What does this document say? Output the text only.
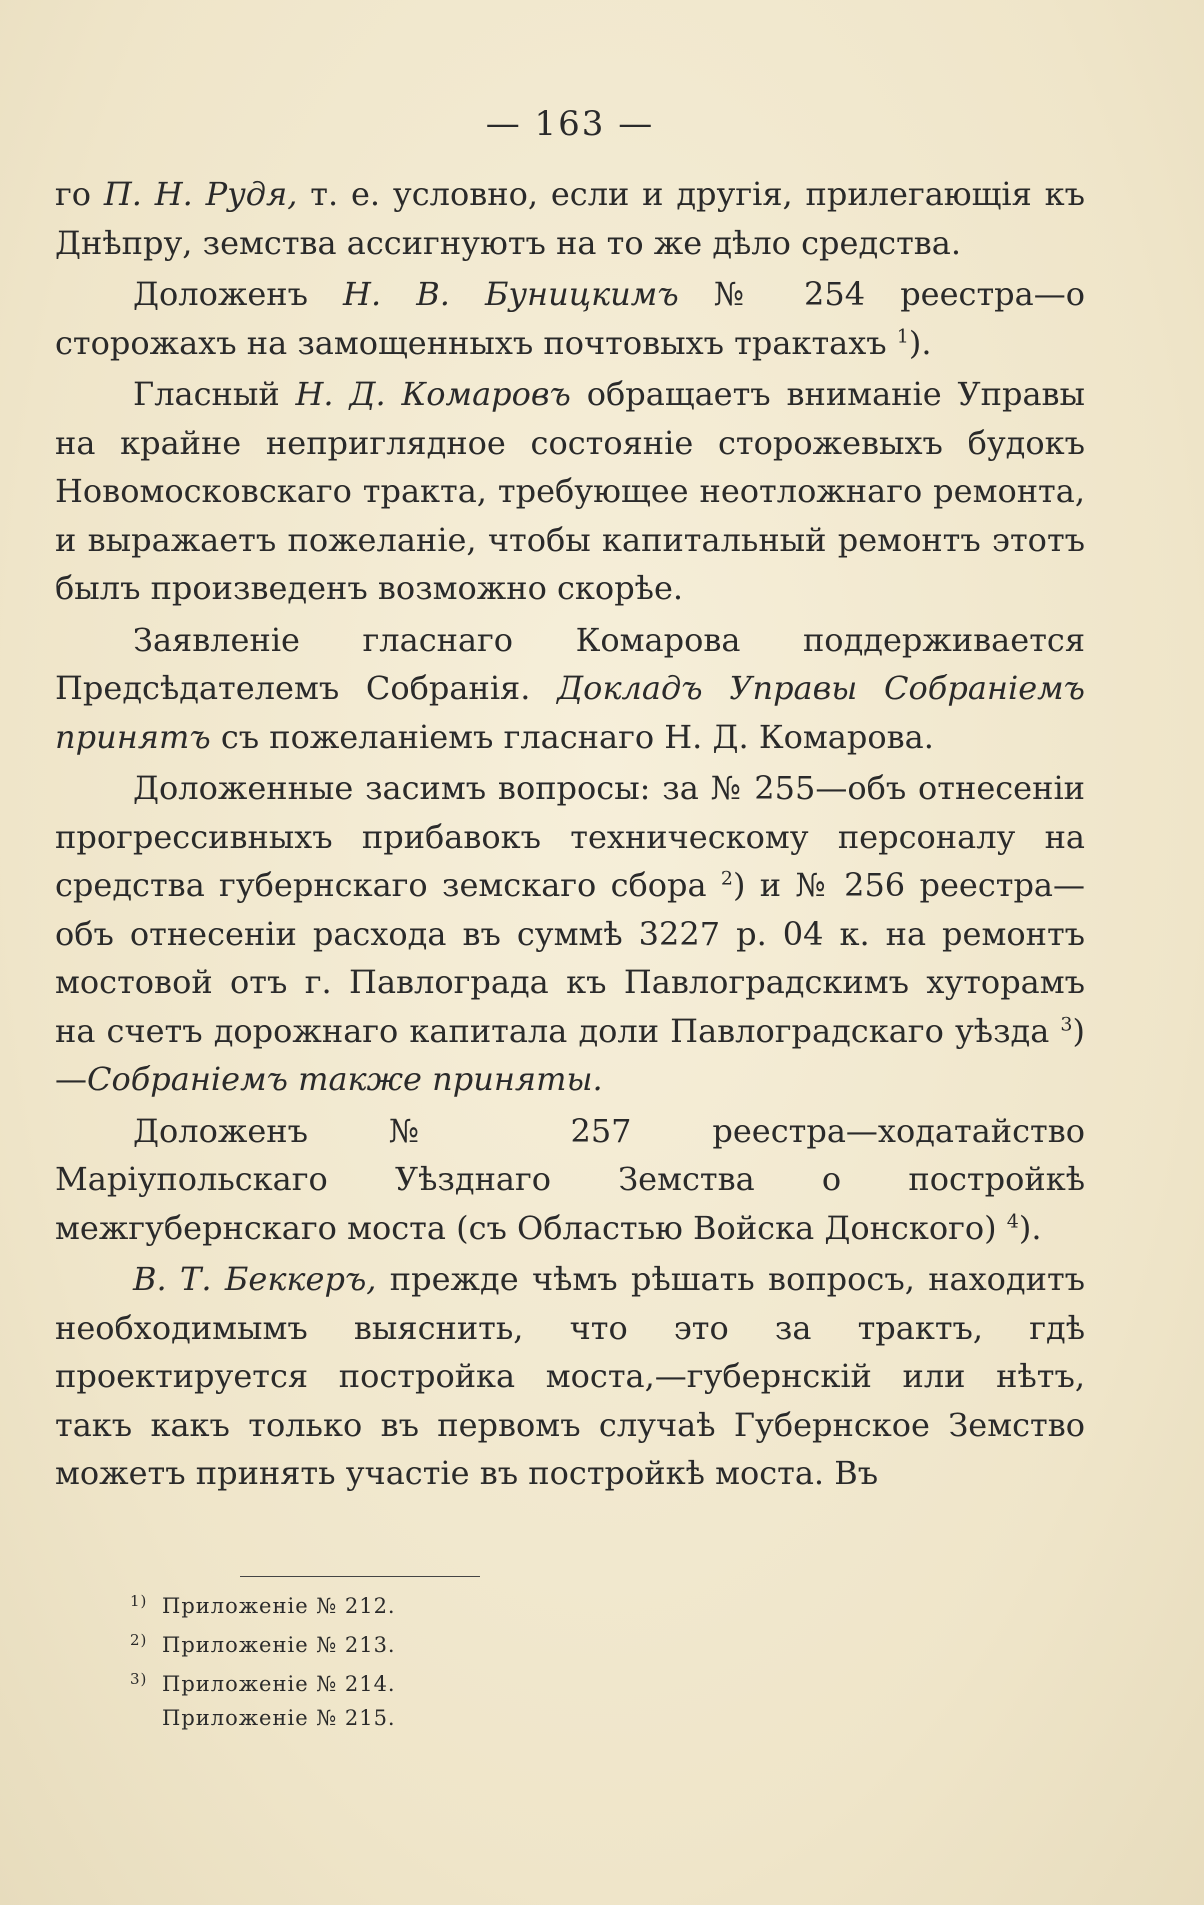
— 163 —

го П. Н. Рудя, т. е. условно, если и другія, прилегающія къ Днѣпру, земства ассигнуютъ на то же дѣло средства.

Доложенъ Н. В. Буницкимъ № 254 реестра—о сторожахъ на замощенныхъ почтовыхъ трактахъ $^1$).

Гласный Н. Д. Комаровъ обращаетъ вниманіе Управы на крайне неприглядное состояніе сторожевыхъ будокъ Новомосковскаго тракта, требующее неотложнаго ремонта, и выражаетъ пожеланіе, чтобы капитальный ремонтъ этотъ былъ произведенъ возможно скорѣе.

Заявленіе гласнаго Комарова поддерживается Предсѣдателемъ Собранія. Докладъ Управы Собраніемъ принятъ съ пожеланіемъ гласнаго Н. Д. Комарова.

Доложенные засимъ вопросы: за № 255—объ отнесеніи прогрессивныхъ прибавокъ техническому персоналу на средства губернскаго земскаго сбора $^2$) и № 256 реестра—объ отнесеніи расхода въ суммѣ 3227 р. 04 к. на ремонтъ мостовой отъ г. Павлограда къ Павлоградскимъ хуторамъ на счетъ дорожнаго капитала доли Павлоградскаго уѣзда $^3$)—Собраніемъ также приняты.

Доложенъ № 257 реестра—ходатайство Маріупольскаго Уѣзднаго Земства о постройкѣ межгубернскаго моста (съ Областью Войска Донского) $^4$).

В. Т. Беккеръ, прежде чѣмъ рѣшать вопросъ, находитъ необходимымъ выяснить, что это за трактъ, гдѣ проектируется постройка моста,—губернскій или нѣтъ, такъ какъ только въ первомъ случаѣ Губернское Земство можетъ принять участіе въ постройкѣ моста. Въ

1) Приложеніе № 212.
2) Приложеніе № 213.
3) Приложеніе № 214.
Приложеніе № 215.
